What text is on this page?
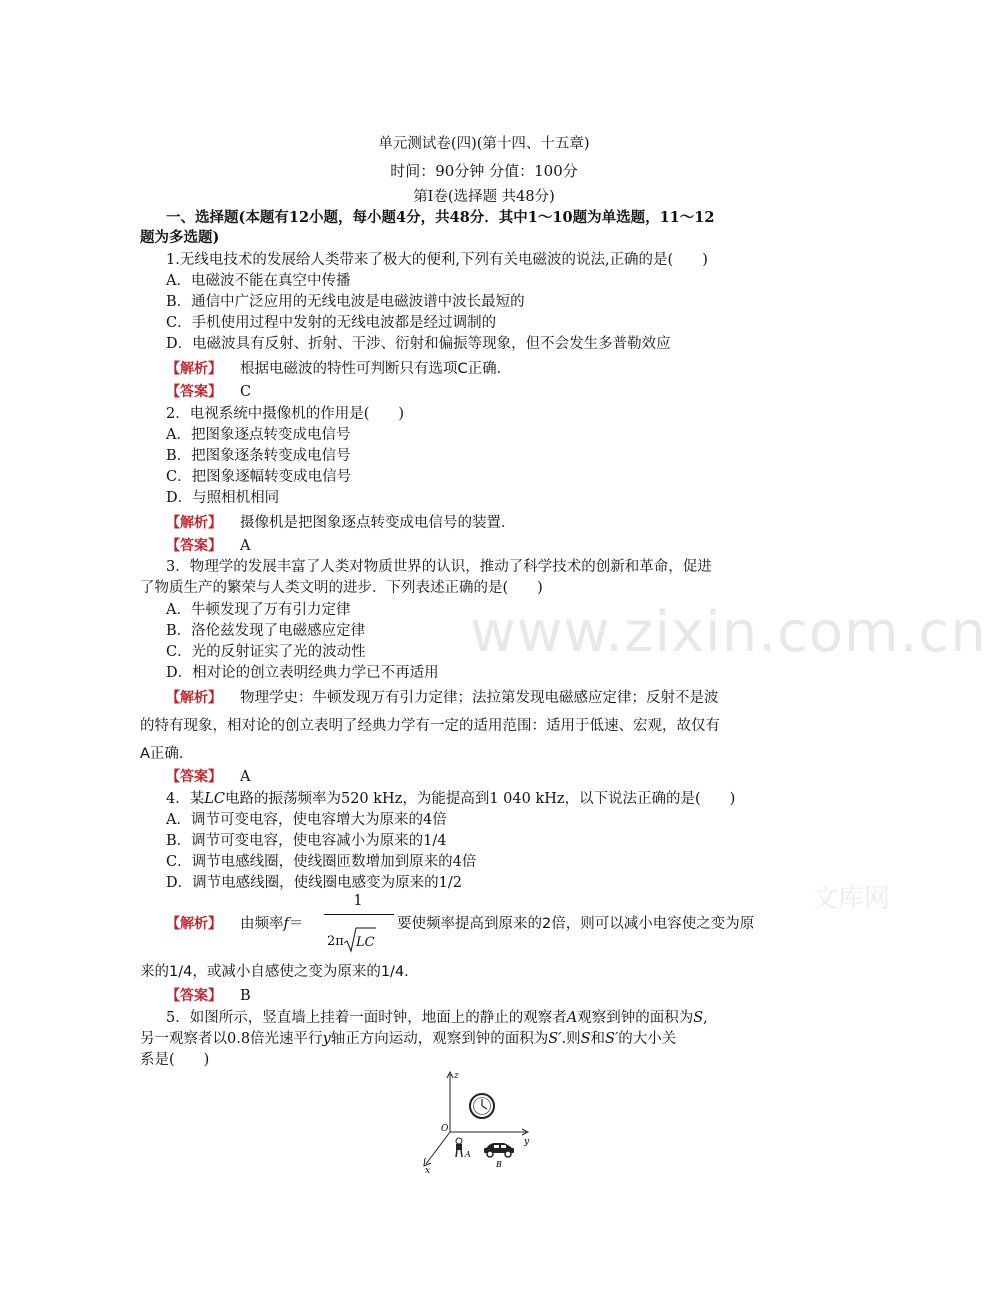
www.zixin.com.cn
文库网
单元测试卷(四)(第十四、十五章)
时间：90分钟 分值：100分
第Ⅰ卷(选择题 共48分)
一、选择题(本题有12小题，每小题4分，共48分．其中1～10题为单选题，11～12
题为多选题)
1.无线电技术的发展给人类带来了极大的便利,下列有关电磁波的说法,正确的是(　　)
A．电磁波不能在真空中传播
B．通信中广泛应用的无线电波是电磁波谱中波长最短的
C．手机使用过程中发射的无线电波都是经过调制的
D．电磁波具有反射、折射、干涉、衍射和偏振等现象，但不会发生多普勒效应
【解析】 根据电磁波的特性可判断只有选项C正确．
【答案】 C
2．电视系统中摄像机的作用是(　　)
A．把图象逐点转变成电信号
B．把图象逐条转变成电信号
C．把图象逐幅转变成电信号
D．与照相机相同
【解析】 摄像机是把图象逐点转变成电信号的装置．
【答案】 A
3．物理学的发展丰富了人类对物质世界的认识，推动了科学技术的创新和革命，促进
了物质生产的繁荣与人类文明的进步．下列表述正确的是(　　)
A．牛顿发现了万有引力定律
B．洛伦兹发现了电磁感应定律
C．光的反射证实了光的波动性
D．相对论的创立表明经典力学已不再适用
【解析】 物理学史：牛顿发现万有引力定律；法拉第发现电磁感应定律；反射不是波
的特有现象，相对论的创立表明了经典力学有一定的适用范围：适用于低速、宏观，故仅有
A正确．
【答案】 A
4．某LC电路的振荡频率为520 kHz，为能提高到1 040 kHz，以下说法正确的是(　　)
A．调节可变电容，使电容增大为原来的4倍
B．调节可变电容，使电容减小为原来的1/4
C．调节电感线圈，使线圈匝数增加到原来的4倍
D．调节电感线圈，使线圈电感变为原来的1/2
【解析】 由频率f＝
1
2π LC
要使频率提高到原来的2倍，则可以减小电容使之变为原
来的1/4，或减小自感使之变为原来的1/4.
【答案】 B
5．如图所示，竖直墙上挂着一面时钟，地面上的静止的观察者A观察到钟的面积为S,
另一观察者以0.8倍光速平行y轴正方向运动，观察到钟的面积为S′.则S和S′的大小关
系是(　　)
z
y
x
O
A
B
